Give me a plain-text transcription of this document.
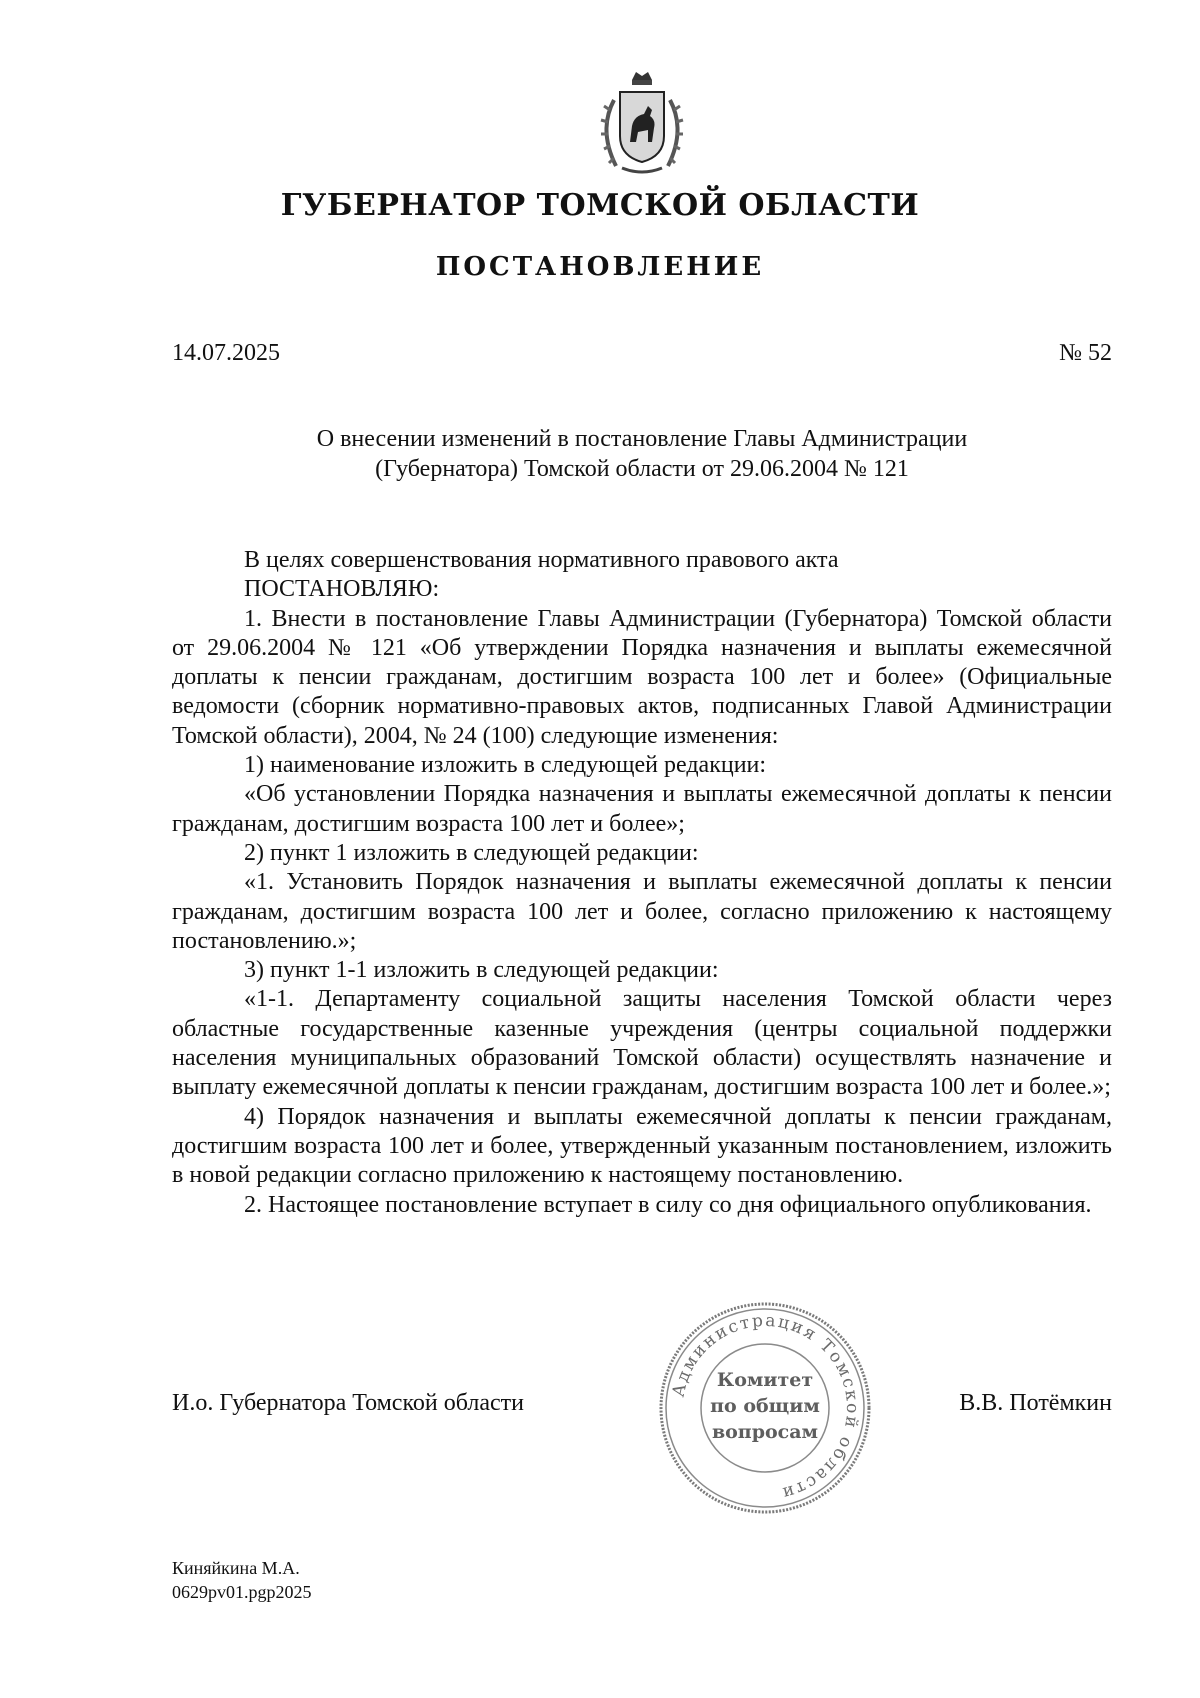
ГУБЕРНАТОР ТОМСКОЙ ОБЛАСТИ
ПОСТАНОВЛЕНИЕ
14.07.2025	№ 52
О внесении изменений в постановление Главы Администрации
(Губернатора) Томской области от 29.06.2004 № 121

В целях совершенствования нормативного правового акта

ПОСТАНОВЛЯЮ:

1. Внести в постановление Главы Администрации (Губернатора) Томской области от 29.06.2004 № 121 «Об утверждении Порядка назначения и выплаты ежемесячной доплаты к пенсии гражданам, достигшим возраста 100 лет и более» (Официальные ведомости (сборник нормативно-правовых актов, подписанных Главой Администрации Томской области), 2004, № 24 (100) следующие изменения:

1) наименование изложить в следующей редакции:

«Об установлении Порядка назначения и выплаты ежемесячной доплаты к пенсии гражданам, достигшим возраста 100 лет и более»;

2) пункт 1 изложить в следующей редакции:

«1. Установить Порядок назначения и выплаты ежемесячной доплаты к пенсии гражданам, достигшим возраста 100 лет и более, согласно приложению к настоящему постановлению.»;

3) пункт 1-1 изложить в следующей редакции:

«1-1. Департаменту социальной защиты населения Томской области через областные государственные казенные учреждения (центры социальной поддержки населения муниципальных образований Томской области) осуществлять назначение и выплату ежемесячной доплаты к пенсии гражданам, достигшим возраста 100 лет и более.»;

4) Порядок назначения и выплаты ежемесячной доплаты к пенсии гражданам, достигшим возраста 100 лет и более, утвержденный указанным постановлением, изложить в новой редакции согласно приложению к настоящему постановлению.

2. Настоящее постановление вступает в силу со дня официального опубликования.

И.о. Губернатора Томской области	В.В. Потёмкин
Администрация Томской области
Комитет
по общим
вопросам
Киняйкина М.А.
0629pv01.pgp2025
